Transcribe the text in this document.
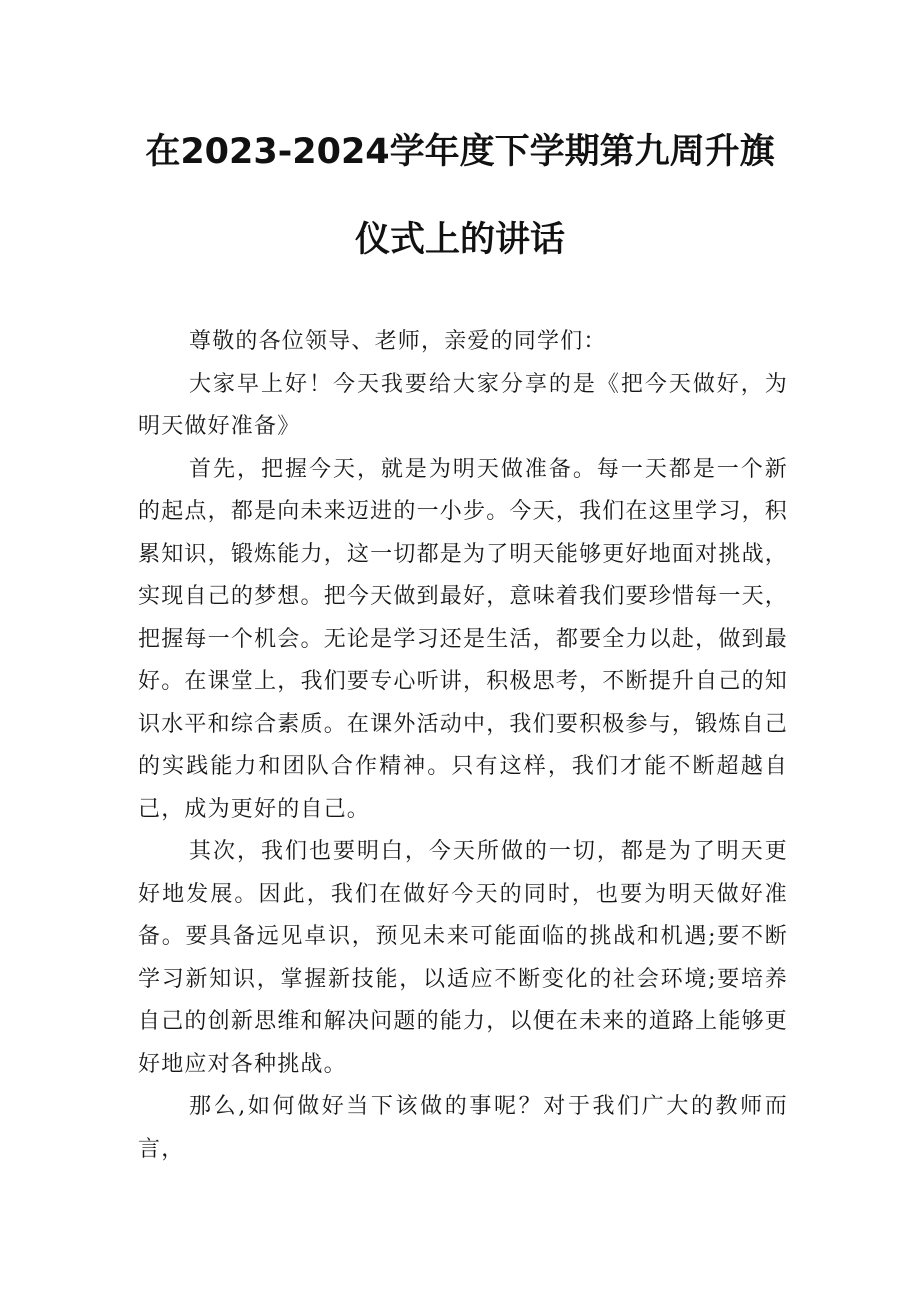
在2023-2024学年度下学期第九周升旗
仪式上的讲话

尊敬的各位领导、老师，亲爱的同学们：

大家早上好！今天我要给大家分享的是《把今天做好，为明天做好准备》

首先，把握今天，就是为明天做准备。每一天都是一个新的起点，都是向未来迈进的一小步。今天，我们在这里学习，积累知识，锻炼能力，这一切都是为了明天能够更好地面对挑战，实现自己的梦想。把今天做到最好，意味着我们要珍惜每一天，把握每一个机会。无论是学习还是生活，都要全力以赴，做到最好。在课堂上，我们要专心听讲，积极思考，不断提升自己的知识水平和综合素质。在课外活动中，我们要积极参与，锻炼自己的实践能力和团队合作精神。只有这样，我们才能不断超越自己，成为更好的自己。

其次，我们也要明白，今天所做的一切，都是为了明天更好地发展。因此，我们在做好今天的同时，也要为明天做好准备。要具备远见卓识，预见未来可能面临的挑战和机遇;要不断学习新知识，掌握新技能，以适应不断变化的社会环境;要培养自己的创新思维和解决问题的能力，以便在未来的道路上能够更好地应对各种挑战。

那么,如何做好当下该做的事呢？对于我们广大的教师而言，
